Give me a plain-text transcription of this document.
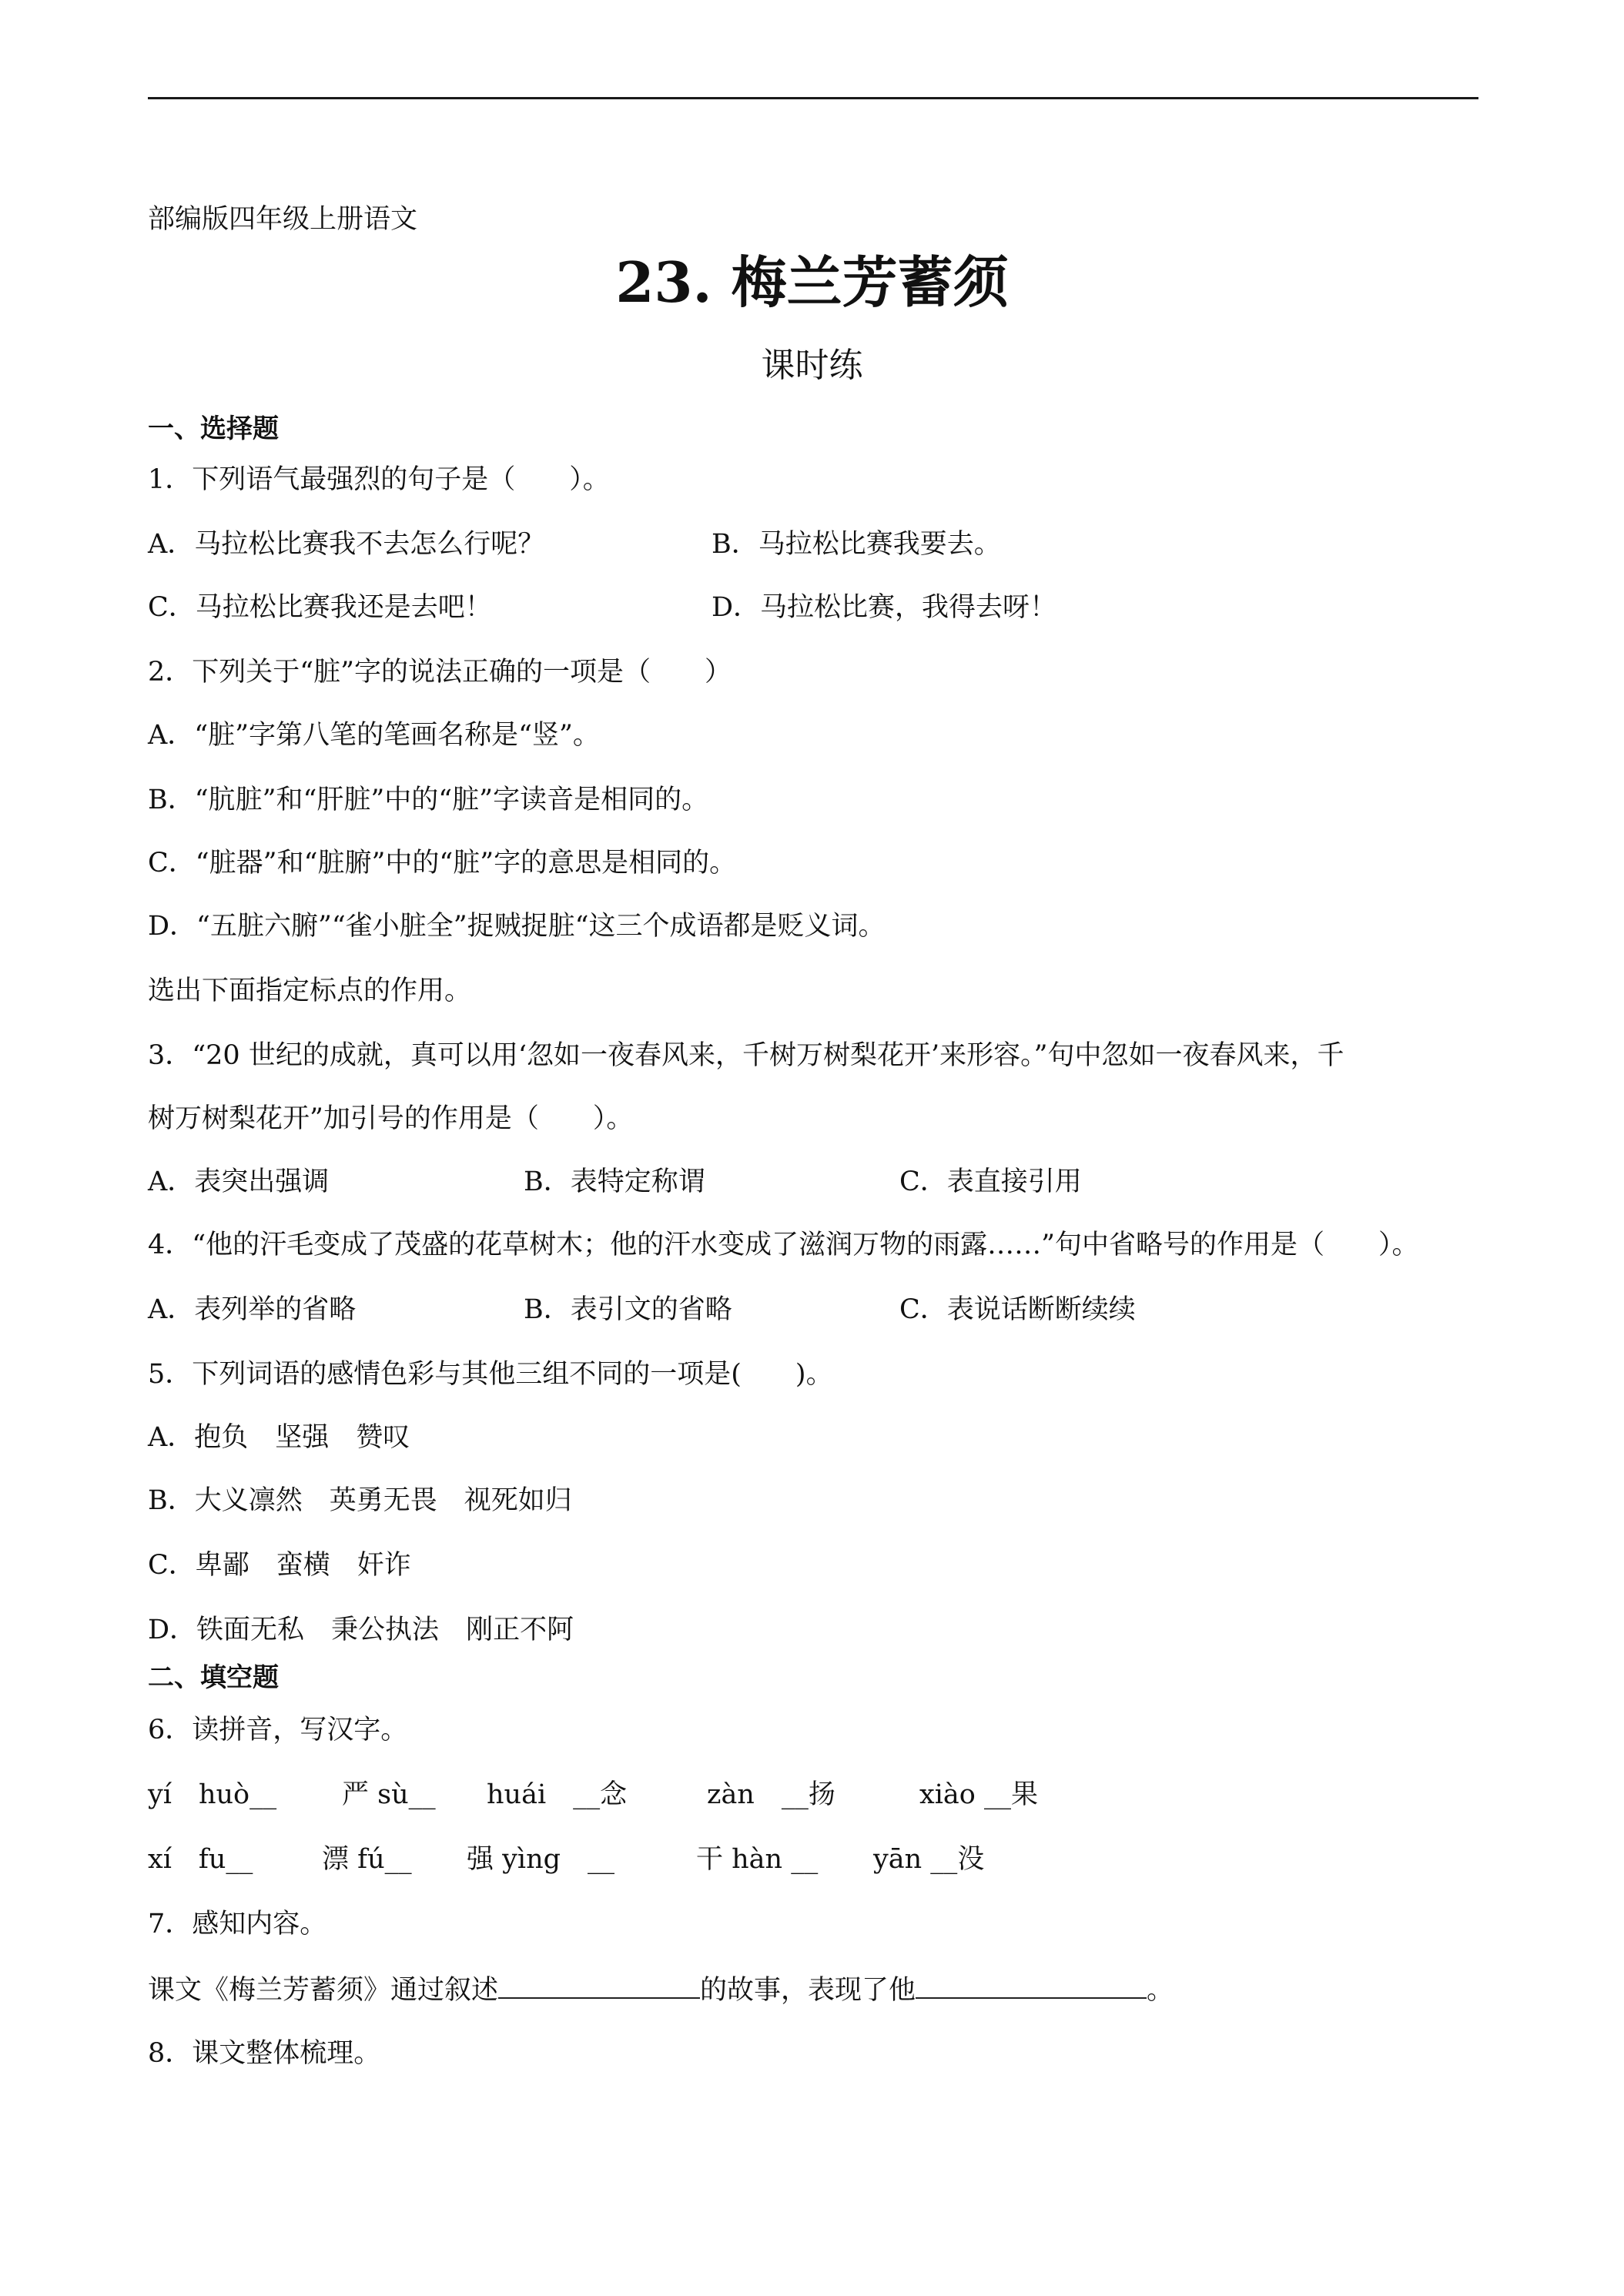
部编版四年级上册语文
23. 梅兰芳蓄须
课时练
一、选择题
1．下列语气最强烈的句子是（　　）。
A．马拉松比赛我不去怎么行呢？	B．马拉松比赛我要去。
C．马拉松比赛我还是去吧！	D．马拉松比赛，我得去呀！
2．下列关于“脏”字的说法正确的一项是（　　）
A．“脏”字第八笔的笔画名称是“竖”。
B．“肮脏”和“肝脏”中的“脏”字读音是相同的。
C．“脏器”和“脏腑”中的“脏”字的意思是相同的。
D．“五脏六腑”“雀小脏全”捉贼捉脏“这三个成语都是贬义词。
选出下面指定标点的作用。
3．“20 世纪的成就，真可以用‘忽如一夜春风来，千树万树梨花开’来形容。”句中忽如一夜春风来，千
树万树梨花开”加引号的作用是（　　）。
A．表突出强调	B．表特定称谓	C．表直接引用
4．“他的汗毛变成了茂盛的花草树木；他的汗水变成了滋润万物的雨露……”句中省略号的作用是（　　）。
A．表列举的省略	B．表引文的省略	C．表说话断断续续
5．下列词语的感情色彩与其他三组不同的一项是(　　)。
A．抱负　坚强　赞叹
B．大义凛然　英勇无畏　视死如归
C．卑鄙　蛮横　奸诈
D．铁面无私　秉公执法　刚正不阿
二、填空题
6．读拼音，写汉字。
yí　huò__ 严 sù__ huái　__念	zàn　__扬	xiào __果
xí　fu__	漂 fú__ 强 yìng　__	干 hàn __ yān __没
7．感知内容。
课文《梅兰芳蓄须》通过叙述	的故事，表现了他	。
8．课文整体梳理。
